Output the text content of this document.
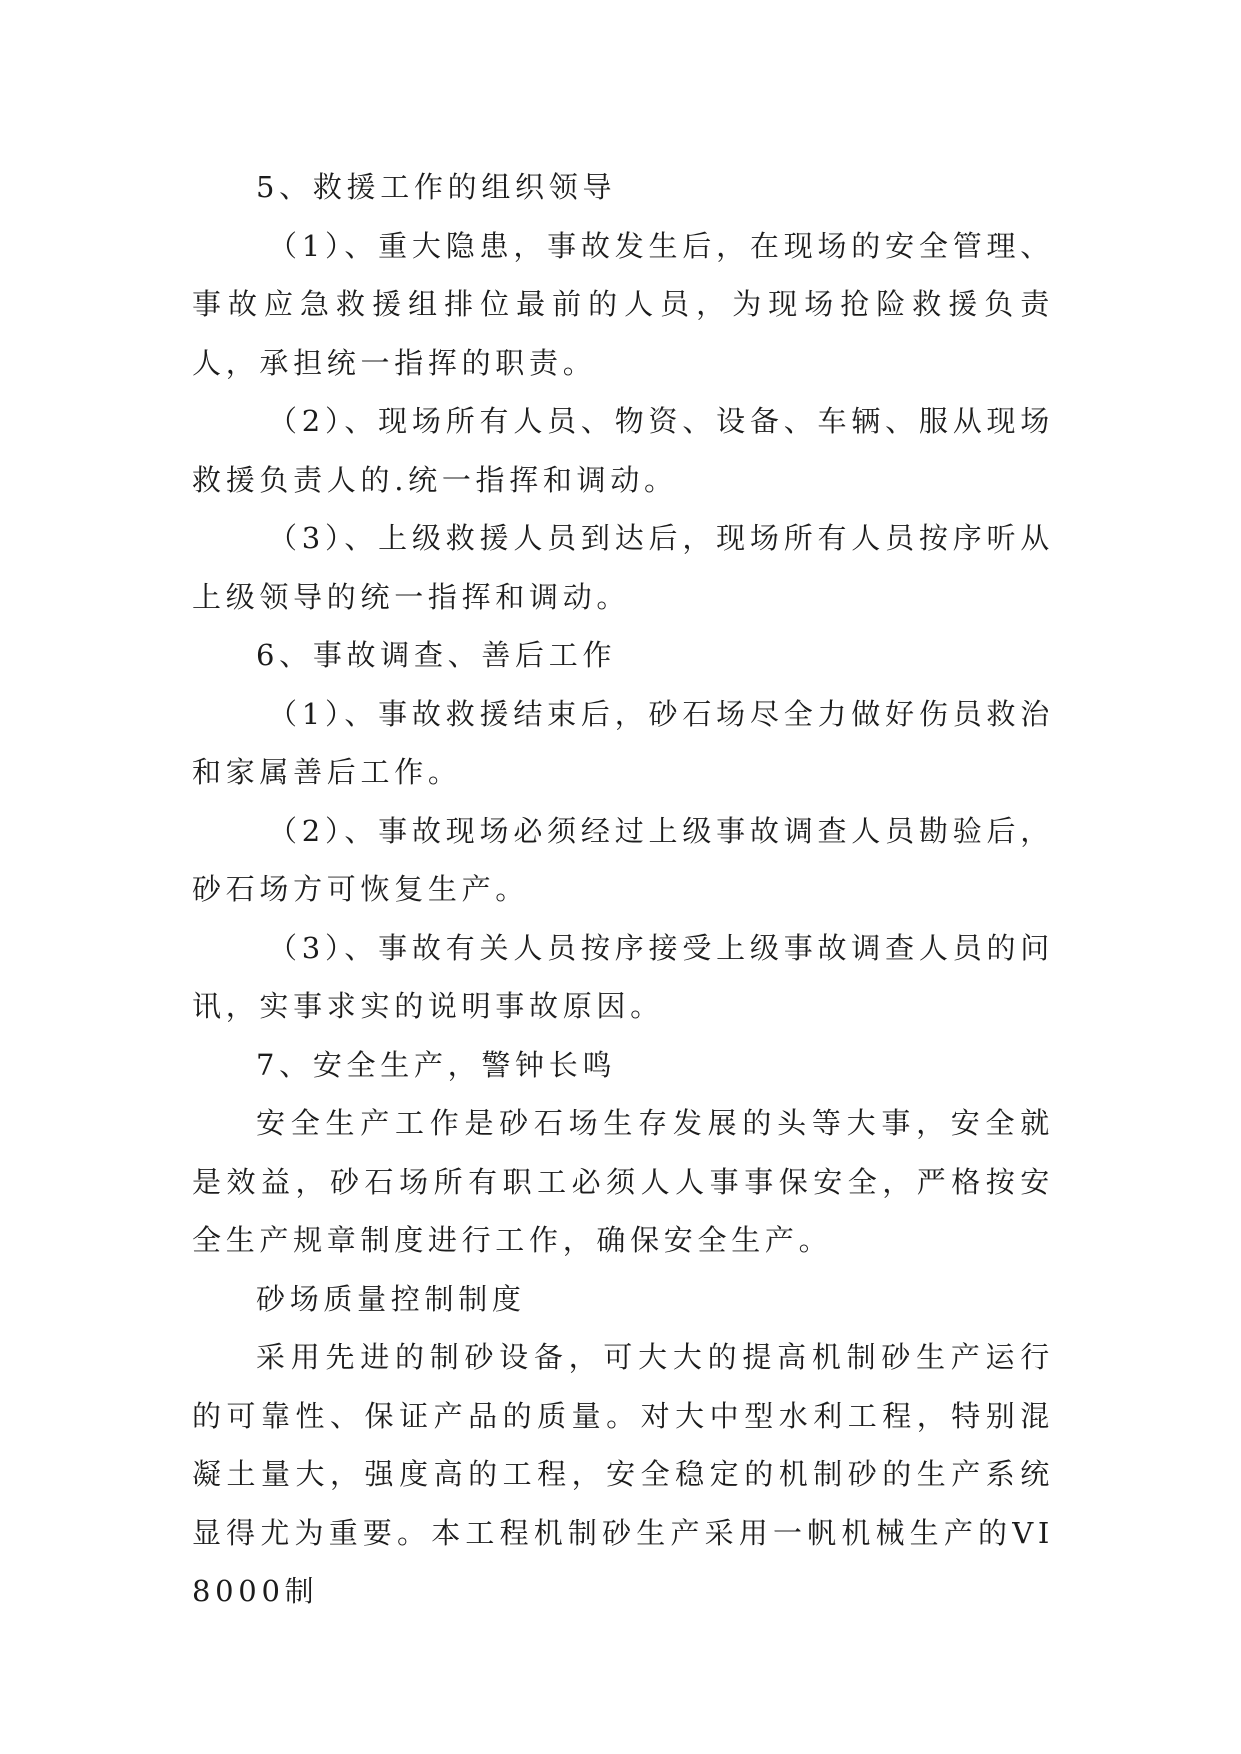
5、救援工作的组织领导

（1）、重大隐患，事故发生后，在现场的安全管理、事故应急救援组排位最前的人员，为现场抢险救援负责人，承担统一指挥的职责。

（2）、现场所有人员、物资、设备、车辆、服从现场救援负责人的.统一指挥和调动。

（3）、上级救援人员到达后，现场所有人员按序听从上级领导的统一指挥和调动。

6、事故调查、善后工作

（1）、事故救援结束后，砂石场尽全力做好伤员救治和家属善后工作。

（2）、事故现场必须经过上级事故调查人员勘验后，砂石场方可恢复生产。

（3）、事故有关人员按序接受上级事故调查人员的问讯，实事求实的说明事故原因。

7、安全生产，警钟长鸣

安全生产工作是砂石场生存发展的头等大事，安全就是效益，砂石场所有职工必须人人事事保安全，严格按安全生产规章制度进行工作，确保安全生产。

砂场质量控制制度

采用先进的制砂设备，可大大的提高机制砂生产运行的可靠性、保证产品的质量。对大中型水利工程，特别混凝土量大，强度高的工程，安全稳定的机制砂的生产系统显得尤为重要。本工程机制砂生产采用一帆机械生产的VI8000制
